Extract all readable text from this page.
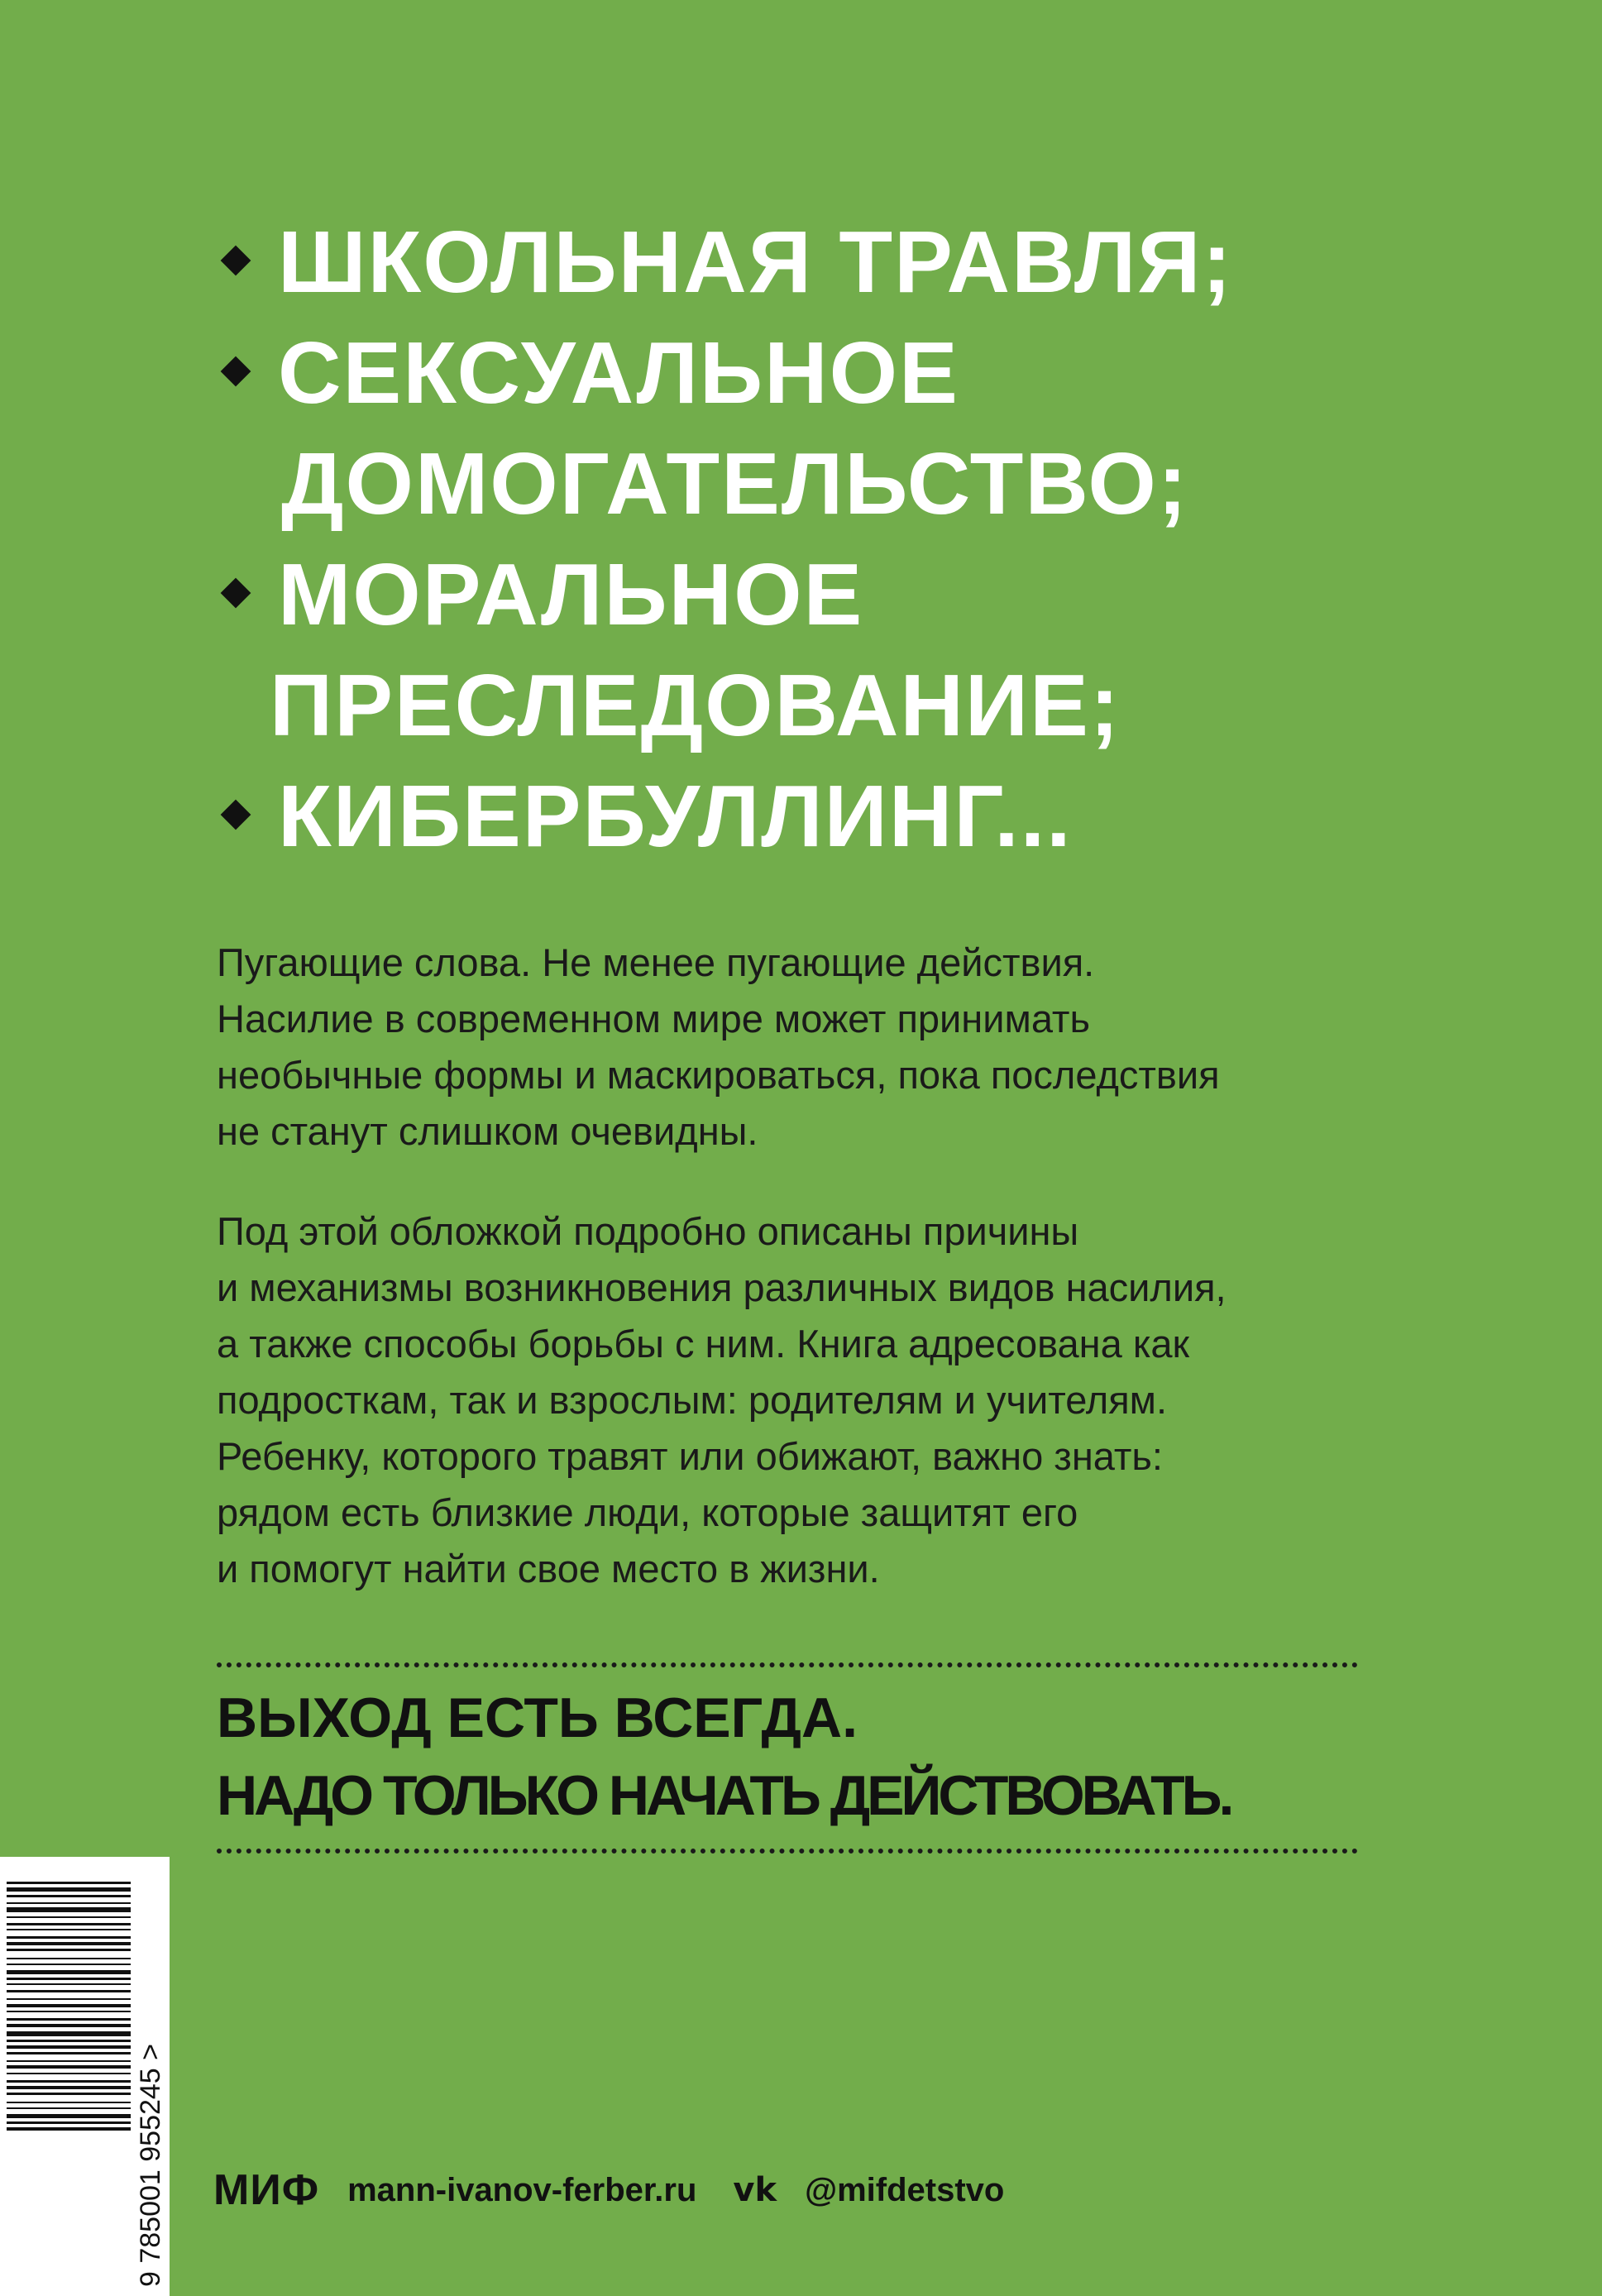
ШКОЛЬНАЯ ТРАВЛЯ;
СЕКСУАЛЬНОЕ
ДОМОГАТЕЛЬСТВО;
МОРАЛЬНОЕ
ПРЕСЛЕДОВАНИЕ;
КИБЕРБУЛЛИНГ...
Пугающие слова. Не менее пугающие действия.
Насилие в современном мире может принимать
необычные формы и маскироваться, пока последствия
не станут слишком очевидны.
Под этой обложкой подробно описаны причины
и механизмы возникновения различных видов насилия,
а также способы борьбы с ним. Книга адресована как
подросткам, так и взрослым: родителям и учителям.
Ребенку, которого травят или обижают, важно знать:
рядом есть близкие люди, которые защитят его
и помогут найти свое место в жизни.
ВЫХОД ЕСТЬ ВСЕГДА.
НАДО ТОЛЬКО НАЧАТЬ ДЕЙСТВОВАТЬ.
9 785001 955245 > МИФ mann-ivanov-ferber.ru vk @mifdetstvo
